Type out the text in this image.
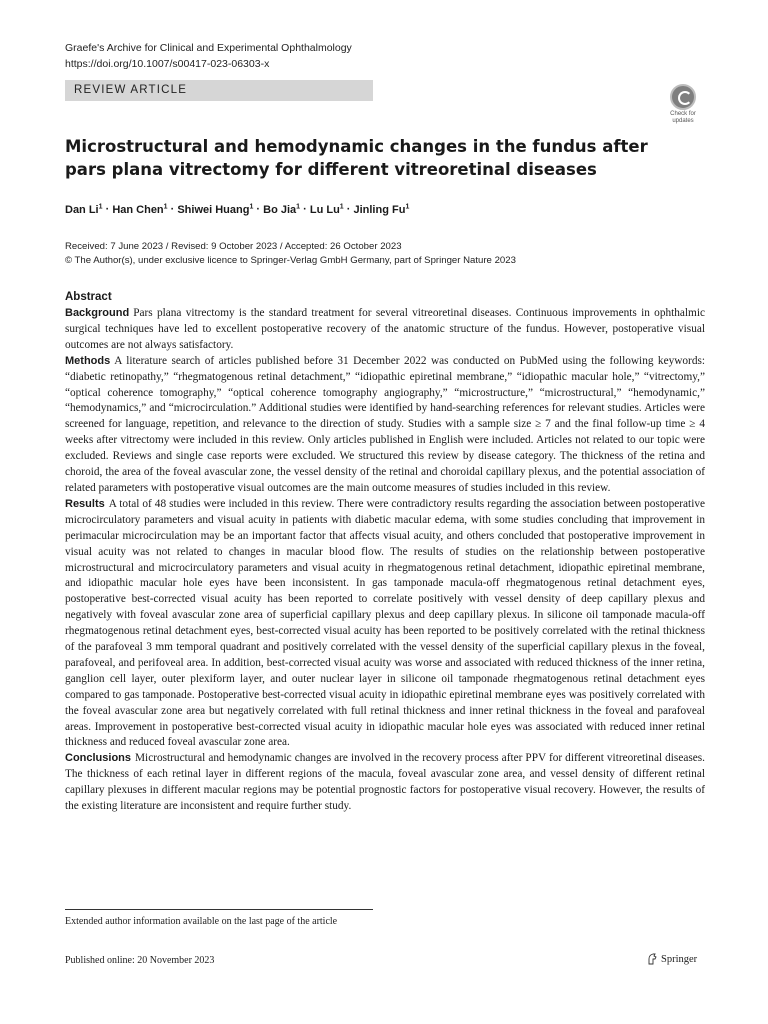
Graefe's Archive for Clinical and Experimental Ophthalmology
https://doi.org/10.1007/s00417-023-06303-x
REVIEW ARTICLE
Check for
updates
Microstructural and hemodynamic changes in the fundus after pars plana vitrectomy for different vitreoretinal diseases
Dan $Li^1$ · Han Chen$^1$ · Shiwei Huang$^1$ · Bo Jia$^1$ · Lu $Lu^1$ · Jinling Fu$^1$
Received: 7 June 2023 / Revised: 9 October 2023 / Accepted: 26 October 2023
© The Author(s), under exclusive licence to Springer-Verlag GmbH Germany, part of Springer Nature 2023
Abstract

Background Pars plana vitrectomy is the standard treatment for several vitreoretinal diseases. Continuous improvements in ophthalmic surgical techniques have led to excellent postoperative recovery of the anatomic structure of the fundus. However, postoperative visual outcomes are not always satisfactory.

Methods A literature search of articles published before 31 December 2022 was conducted on PubMed using the following keywords: “diabetic retinopathy,” “rhegmatogenous retinal detachment,” “idiopathic epiretinal membrane,” “idiopathic macular hole,” “vitrectomy,” “optical coherence tomography,” “optical coherence tomography angiography,” “microstructure,” “microstructural,” “hemodynamic,” “hemodynamics,” and “microcirculation.” Additional studies were identified by hand-searching references for relevant studies. Articles were screened for language, repetition, and relevance to the direction of study. Studies with a sample size ≥ 7 and the final follow-up time ≥ 4 weeks after vitrectomy were included in this review. Only articles published in English were included. Articles not related to our topic were excluded. Reviews and single case reports were excluded. We structured this review by disease category. The thickness of the retina and choroid, the area of the foveal avascular zone, the vessel density of the retinal and choroidal capillary plexus, and the potential association of related parameters with postoperative visual outcomes are the main outcome measures of studies included in this review.

Results A total of 48 studies were included in this review. There were contradictory results regarding the association between postoperative microcirculatory parameters and visual acuity in patients with diabetic macular edema, with some studies concluding that improvement in perimacular microcirculation may be an important factor that affects visual acuity, and others concluded that postoperative improvement in visual acuity was not related to changes in macular blood flow. The results of studies on the relationship between postoperative microstructural and microcirculatory parameters and visual acuity in rhegmatogenous retinal detachment, idiopathic epiretinal membrane, and idiopathic macular hole eyes have been inconsistent. In gas tamponade macula-off rhegmatogenous retinal detachment eyes, postoperative best-corrected visual acuity has been reported to correlate positively with vessel density of deep capillary plexus and negatively with foveal avascular zone area of superficial capillary plexus and deep capillary plexus. In silicone oil tamponade macula-off rhegmatogenous retinal detachment eyes, best-corrected visual acuity has been reported to be positively correlated with the retinal thickness of the parafoveal 3 mm temporal quadrant and positively correlated with the vessel density of the superficial capillary plexus in the foveal, parafoveal, and perifoveal area. In addition, best-corrected visual acuity was worse and associated with reduced thickness of the inner retina, ganglion cell layer, outer plexiform layer, and outer nuclear layer in silicone oil tamponade rhegmatogenous retinal detachment eyes compared to gas tamponade. Postoperative best-corrected visual acuity in idiopathic epiretinal membrane eyes was positively correlated with the foveal avascular zone area but negatively correlated with full retinal thickness and inner retinal thickness in the foveal and parafoveal areas. Improvement in postoperative best-corrected visual acuity in idiopathic macular hole eyes was associated with reduced inner retinal thickness and reduced foveal avascular zone area.

Conclusions Microstructural and hemodynamic changes are involved in the recovery process after PPV for different vitreoretinal diseases. The thickness of each retinal layer in different regions of the macula, foveal avascular zone area, and vessel density of different retinal capillary plexuses in different macular regions may be potential prognostic factors for postoperative visual recovery. However, the results of the existing literature are inconsistent and require further study.

Extended author information available on the last page of the article
Published online: 20 November 2023	Springer
